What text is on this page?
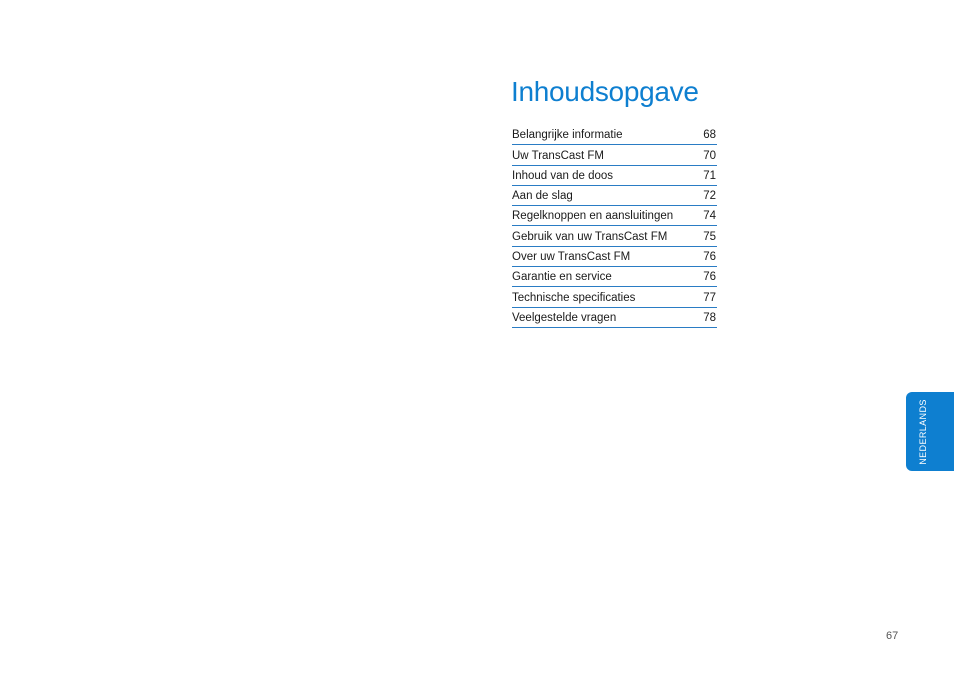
Inhoudsopgave
Belangrijke informatie	68
Uw TransCast FM	70
Inhoud van de doos	71
Aan de slag	72
Regelknoppen en aansluitingen	74
Gebruik van uw TransCast FM	75
Over uw TransCast FM	76
Garantie en service	76
Technische specificaties	77
Veelgestelde vragen	78
NEDERLANDS
67
